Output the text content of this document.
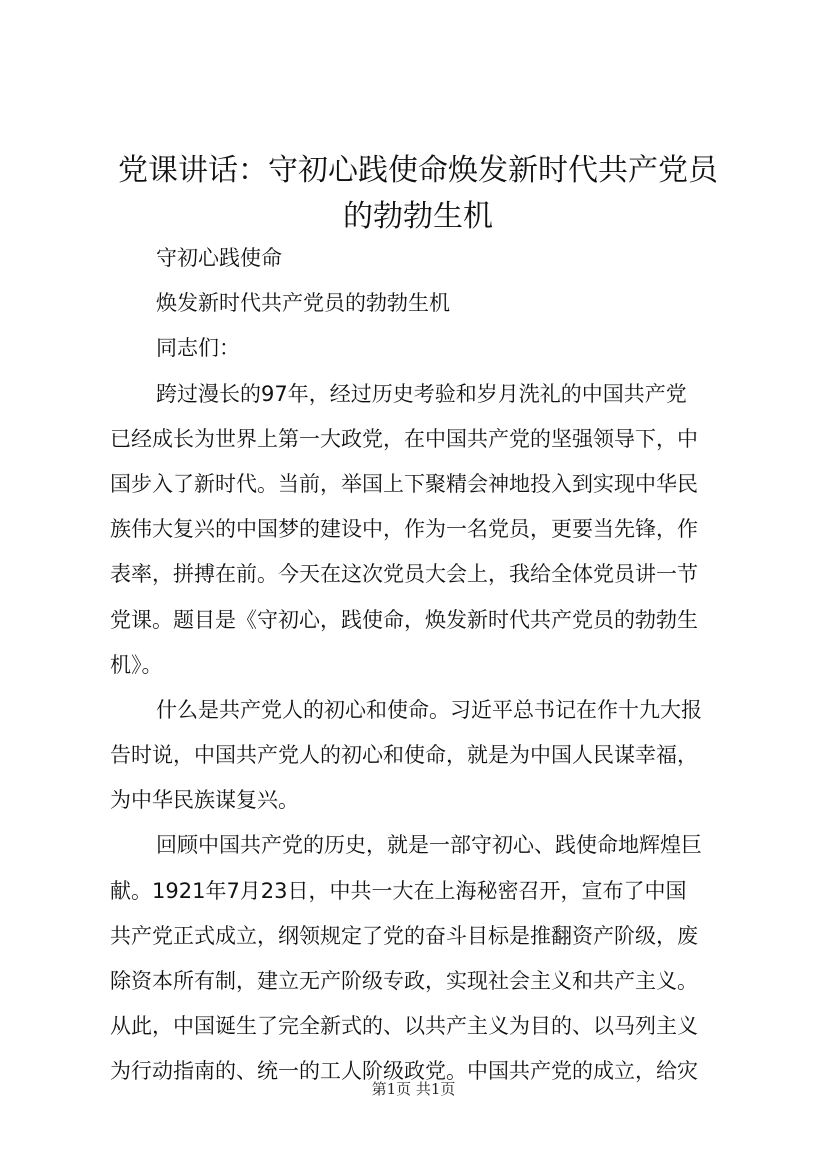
党课讲话：守初心践使命焕发新时代共产党员
的勃勃生机
守初心践使命
焕发新时代共产党员的勃勃生机
同志们：
跨过漫长的97年，经过历史考验和岁月洗礼的中国共产党
已经成长为世界上第一大政党，在中国共产党的坚强领导下，中
国步入了新时代。当前，举国上下聚精会神地投入到实现中华民
族伟大复兴的中国梦的建设中，作为一名党员，更要当先锋，作
表率，拼搏在前。今天在这次党员大会上，我给全体党员讲一节
党课。题目是《守初心，践使命，焕发新时代共产党员的勃勃生
机》。
什么是共产党人的初心和使命。习近平总书记在作十九大报
告时说，中国共产党人的初心和使命，就是为中国人民谋幸福，
为中华民族谋复兴。
回顾中国共产党的历史，就是一部守初心、践使命地辉煌巨
献。1921年7月23日，中共一大在上海秘密召开，宣布了中国
共产党正式成立，纲领规定了党的奋斗目标是推翻资产阶级，废
除资本所有制，建立无产阶级专政，实现社会主义和共产主义。
从此，中国诞生了完全新式的、以共产主义为目的、以马列主义
为行动指南的、统一的工人阶级政党。中国共产党的成立，给灾
第1页 共1页
